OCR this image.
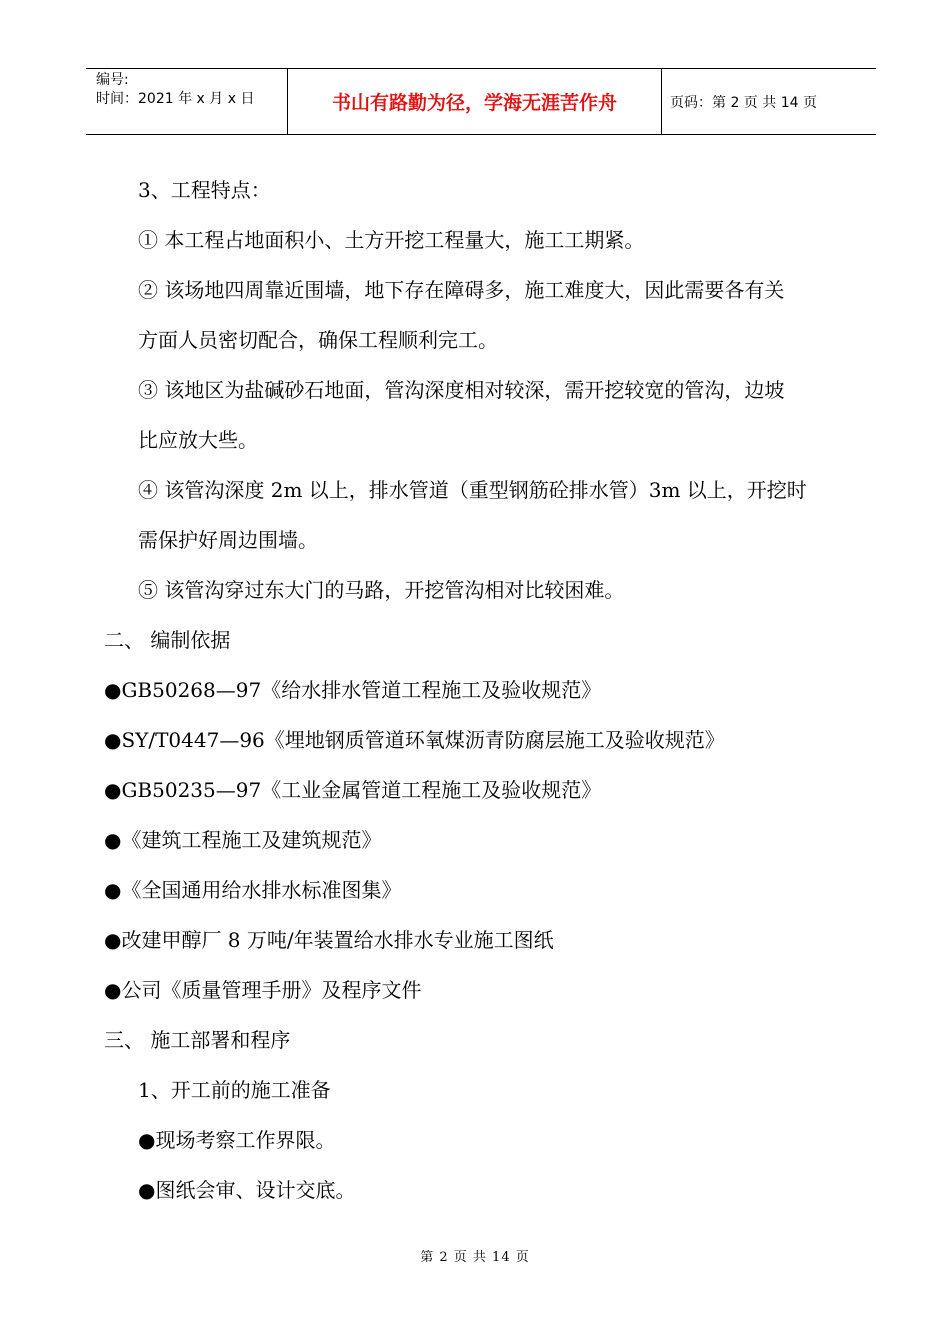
编号:
时间：2021 年 x 月 x 日	书山有路勤为径，学海无涯苦作舟	页码：第 2 页 共 14 页

3、工程特点：

① 本工程占地面积小、土方开挖工程量大，施工工期紧。

② 该场地四周靠近围墙，地下存在障碍多，施工难度大，因此需要各有关

方面人员密切配合，确保工程顺利完工。

③ 该地区为盐碱砂石地面，管沟深度相对较深，需开挖较宽的管沟，边坡

比应放大些。

④ 该管沟深度 2m 以上，排水管道（重型钢筋砼排水管）3m 以上，开挖时

需保护好周边围墙。

⑤ 该管沟穿过东大门的马路，开挖管沟相对比较困难。

二、 编制依据

●GB50268—97《给水排水管道工程施工及验收规范》

●SY/T0447—96《埋地钢质管道环氧煤沥青防腐层施工及验收规范》

●GB50235—97《工业金属管道工程施工及验收规范》

●《建筑工程施工及建筑规范》

●《全国通用给水排水标准图集》

●改建甲醇厂 8 万吨/年装置给水排水专业施工图纸

●公司《质量管理手册》及程序文件

三、 施工部署和程序

1、开工前的施工准备

●现场考察工作界限。

●图纸会审、设计交底。

第 2 页 共 14 页
